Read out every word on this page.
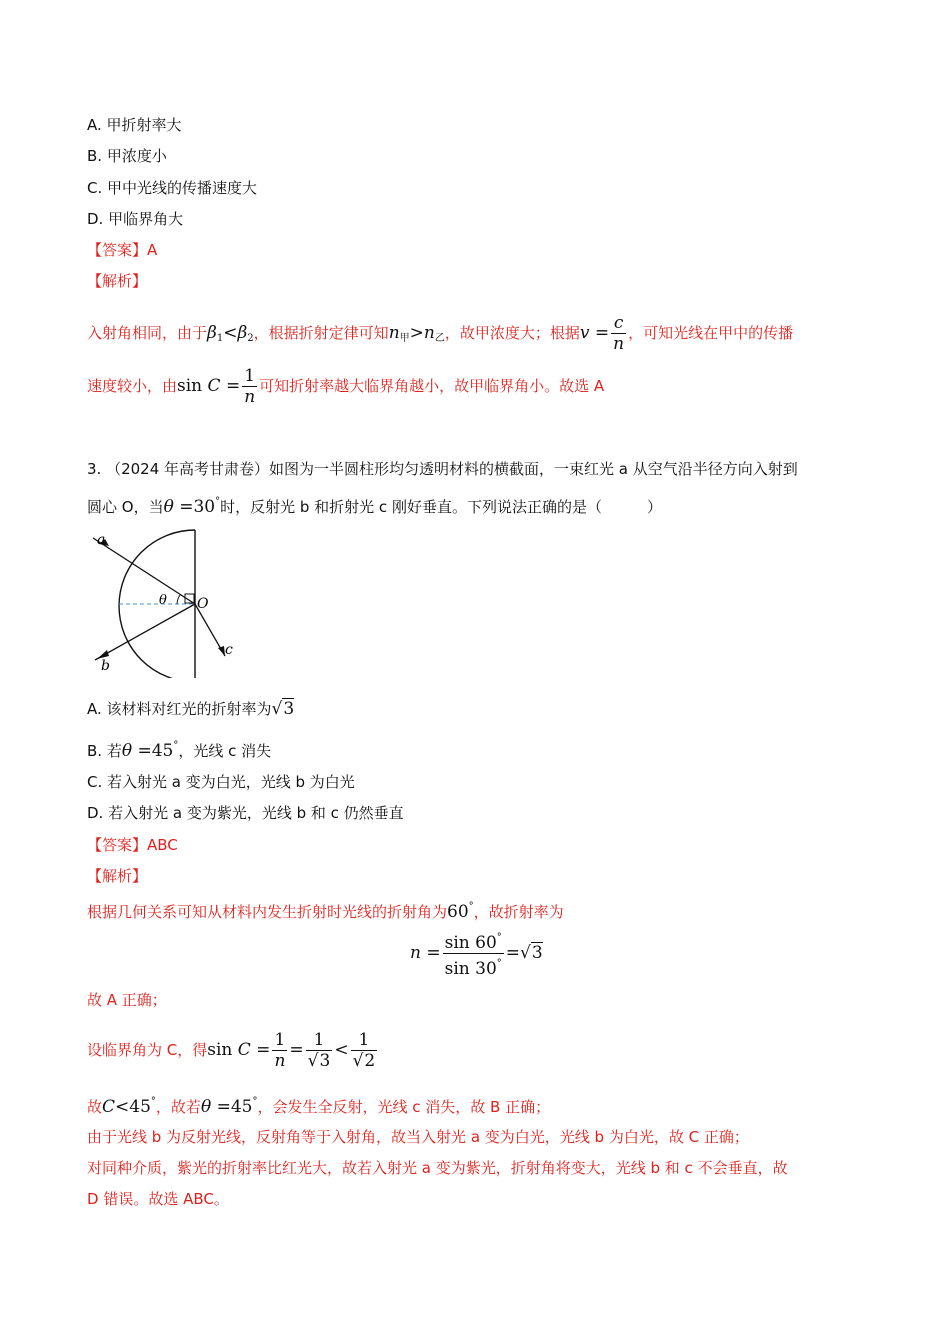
A. 甲折射率大
B. 甲浓度小
C. 甲中光线的传播速度大
D. 甲临界角大
【答案】A
【解析】
入射角相同，由于$\beta_1<\beta_2$，根据折射定律可知$n_甲>n_乙$，故甲浓度大；根据$v = \frac{c}{n}$ ，可知光线在甲中的传播
速度较小，由$\sin C = \frac{1}{n}$ 可知折射率越大临界角越小，故甲临界角小。故选 A
3. （2024 年高考甘肃卷）如图为一半圆柱形均匀透明材料的横截面，一束红光 a 从空气沿半径方向入射到
圆心 O，当θ =30°时，反射光 b 和折射光 c 刚好垂直。下列说法正确的是（　　　）
a
b
c
O
θ
A. 该材料对红光的折射率为√3
B. 若θ =45°，光线 c 消失
C. 若入射光 a 变为白光，光线 b 为白光
D. 若入射光 a 变为紫光，光线 b 和 c 仍然垂直
【答案】ABC
【解析】
根据几何关系可知从材料内发生折射时光线的折射角为60°，故折射率为
$n = \frac{\sin 60^\circ}{\sin 30^\circ} =√3$
故 A 正确；
设临界角为 C，得$\sin C = \frac{1}{n} = \frac{1}{√3} < \frac{1}{√2}$
故C<45°，故若θ =45°，会发生全反射，光线 c 消失，故 B 正确；
由于光线 b 为反射光线，反射角等于入射角，故当入射光 a 变为白光，光线 b 为白光，故 C 正确；
对同种介质，紫光的折射率比红光大，故若入射光 a 变为紫光，折射角将变大，光线 b 和 c 不会垂直，故
D 错误。故选 ABC。
